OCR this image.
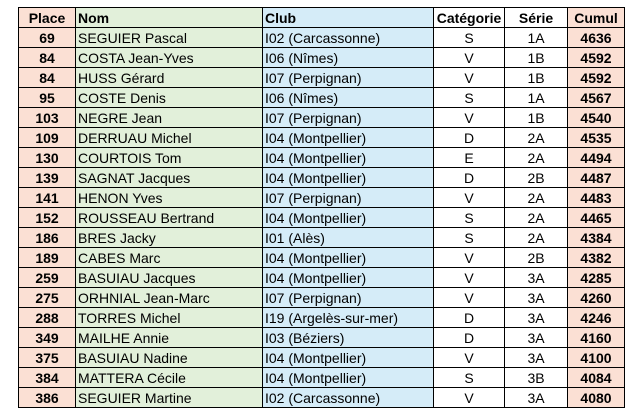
Place	Nom	Club	Catégorie	Série	Cumul
69	SEGUIER Pascal	I02 (Carcassonne)	S	1A	4636
84	COSTA Jean-Yves	I06 (Nîmes)	V	1B	4592
84	HUSS Gérard	I07 (Perpignan)	V	1B	4592
95	COSTE Denis	I06 (Nîmes)	S	1A	4567
103	NEGRE Jean	I07 (Perpignan)	V	1B	4540
109	DERRUAU Michel	I04 (Montpellier)	D	2A	4535
130	COURTOIS Tom	I04 (Montpellier)	E	2A	4494
139	SAGNAT Jacques	I04 (Montpellier)	D	2B	4487
141	HENON Yves	I07 (Perpignan)	V	2A	4483
152	ROUSSEAU Bertrand	I04 (Montpellier)	S	2A	4465
186	BRES Jacky	I01 (Alès)	S	2A	4384
189	CABES Marc	I04 (Montpellier)	V	2B	4382
259	BASUIAU Jacques	I04 (Montpellier)	V	3A	4285
275	ORHNIAL Jean-Marc	I07 (Perpignan)	V	3A	4260
288	TORRES Michel	I19 (Argelès-sur-mer)	D	3A	4246
349	MAILHE Annie	I03 (Béziers)	D	3A	4160
375	BASUIAU Nadine	I04 (Montpellier)	V	3A	4100
384	MATTERA Cécile	I04 (Montpellier)	S	3B	4084
386	SEGUIER Martine	I02 (Carcassonne)	V	3A	4080
